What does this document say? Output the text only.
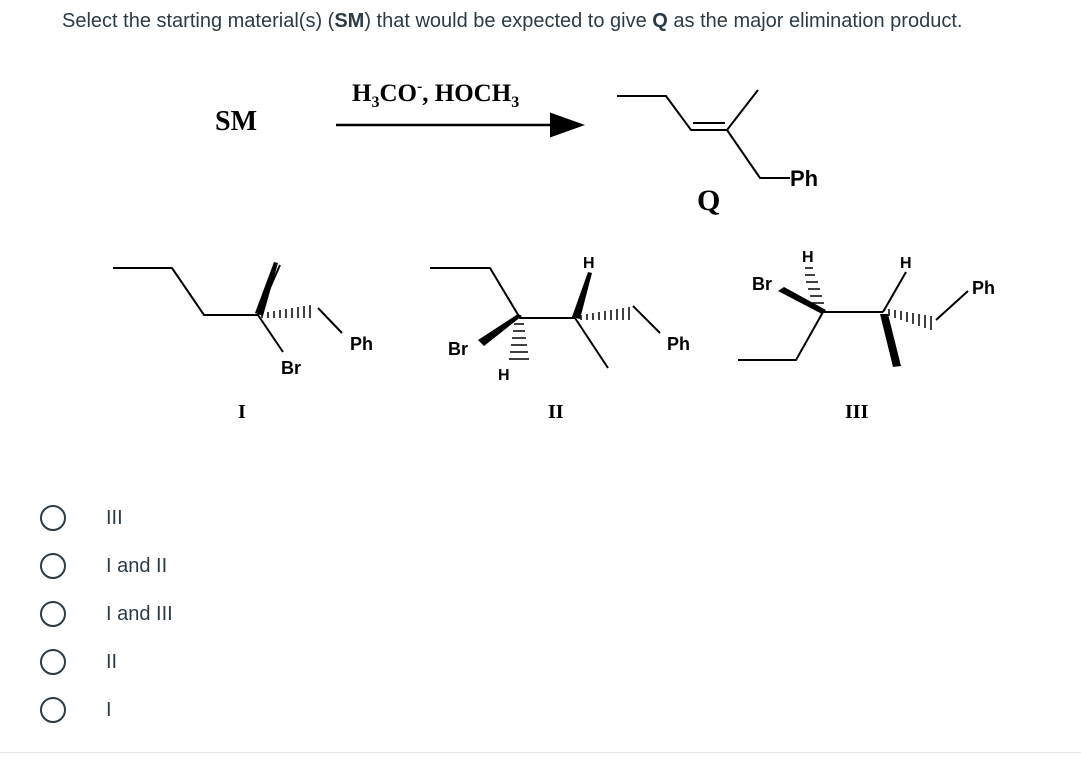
Select the starting material(s) (SM) that would be expected to give Q as the major elimination product.
SM
$H_3CO^-$, $HOCH_3$
Ph
Q
Br
Ph
I
H
Br
H
Ph
II
Br
H	H
Ph
III
III
I and II
I and III
II
I
